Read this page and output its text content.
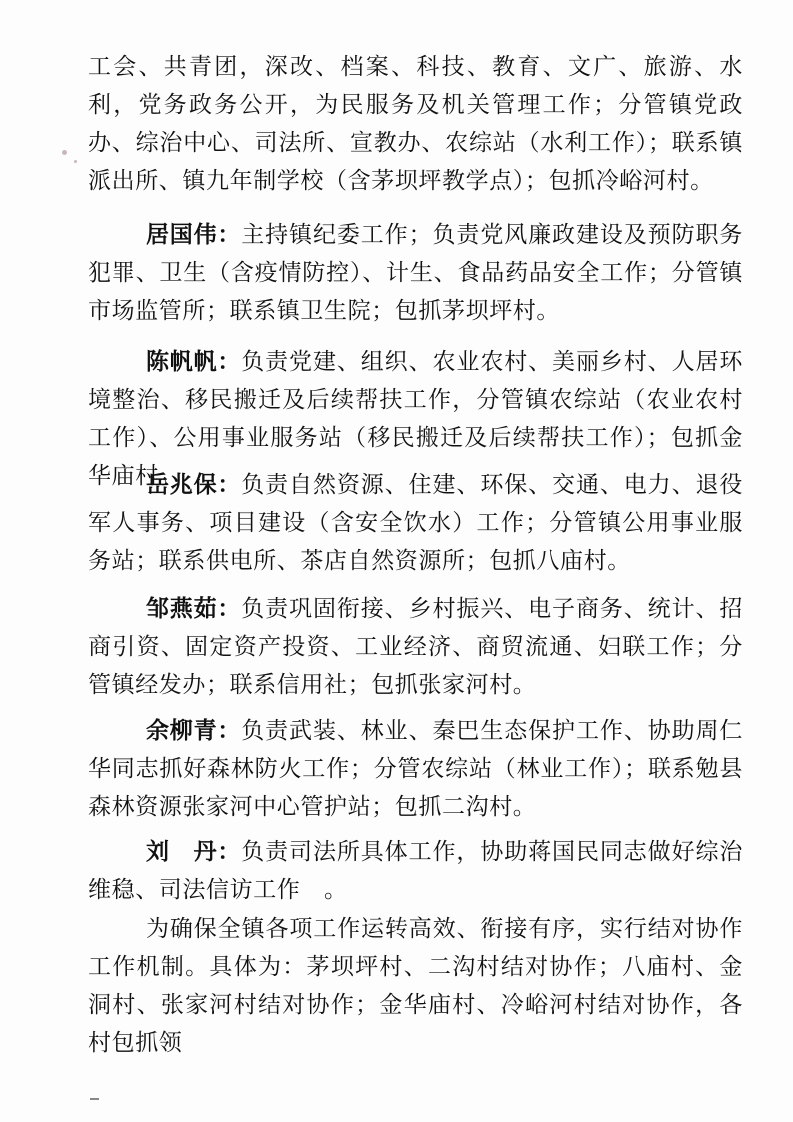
工会、共青团，深改、档案、科技、教育、文广、旅游、水利，党务政务公开，为民服务及机关管理工作；分管镇党政办、综治中心、司法所、宣教办、农综站（水利工作）；联系镇派出所、镇九年制学校（含茅坝坪教学点）；包抓冷峪河村。

居国伟：主持镇纪委工作；负责党风廉政建设及预防职务犯罪、卫生（含疫情防控）、计生、食品药品安全工作；分管镇市场监管所；联系镇卫生院；包抓茅坝坪村。

陈帆帆：负责党建、组织、农业农村、美丽乡村、人居环境整治、移民搬迁及后续帮扶工作，分管镇农综站（农业农村工作）、公用事业服务站（移民搬迁及后续帮扶工作）；包抓金华庙村。

岳兆保：负责自然资源、住建、环保、交通、电力、退役军人事务、项目建设（含安全饮水）工作；分管镇公用事业服务站；联系供电所、茶店自然资源所；包抓八庙村。

邹燕茹：负责巩固衔接、乡村振兴、电子商务、统计、招商引资、固定资产投资、工业经济、商贸流通、妇联工作；分管镇经发办；联系信用社；包抓张家河村。

余柳青：负责武装、林业、秦巴生态保护工作、协助周仁华同志抓好森林防火工作；分管农综站（林业工作）；联系勉县森林资源张家河中心管护站；包抓二沟村。

刘　丹：负责司法所具体工作，协助蒋国民同志做好综治维稳、司法信访工作　。

为确保全镇各项工作运转高效、衔接有序，实行结对协作工作机制。具体为：茅坝坪村、二沟村结对协作；八庙村、金洞村、张家河村结对协作；金华庙村、冷峪河村结对协作，各村包抓领
